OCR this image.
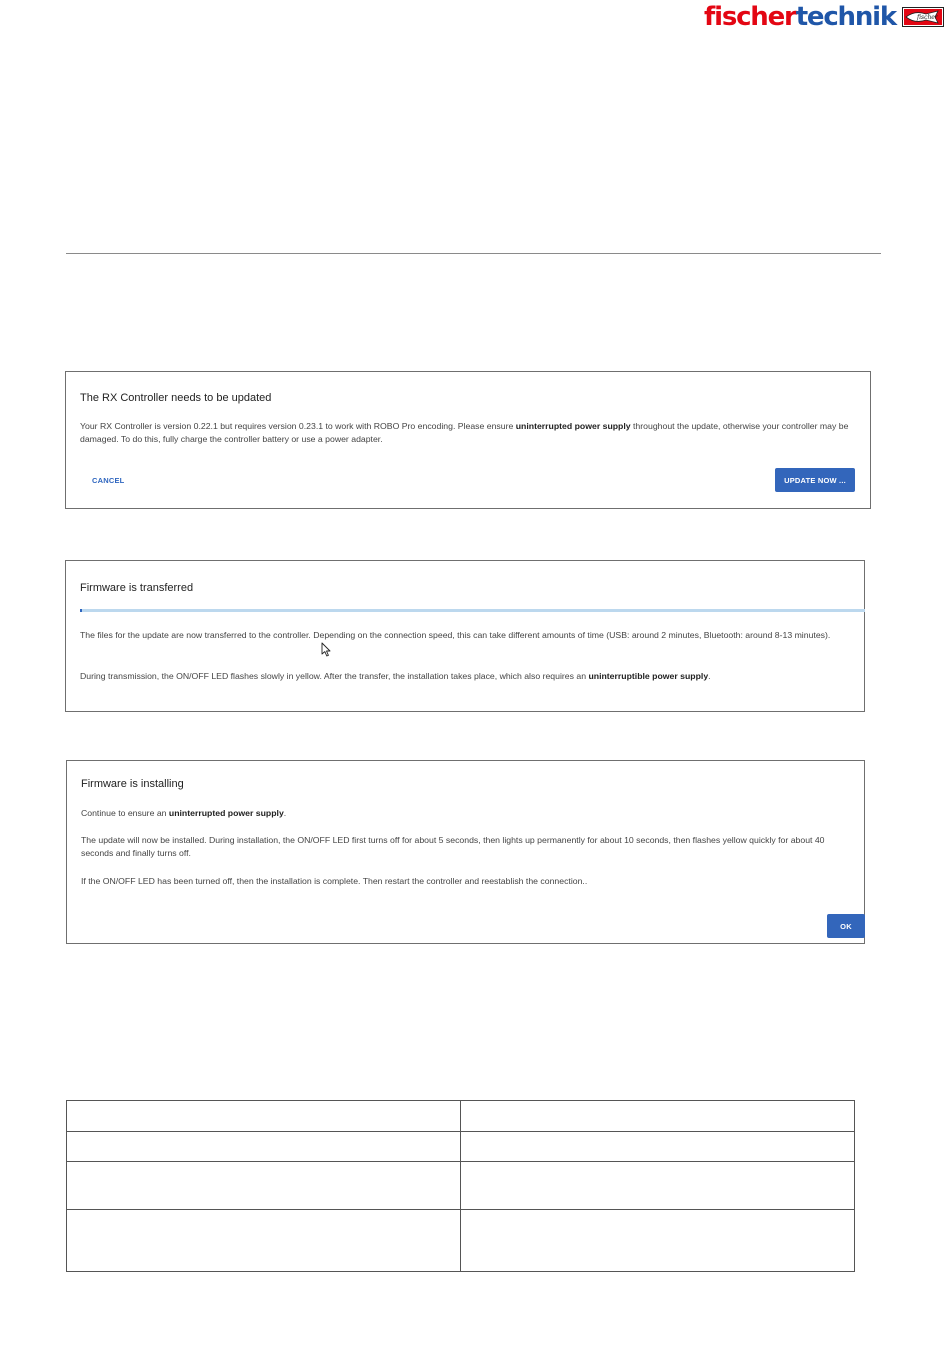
fischer technik	fischer
The RX Controller needs to be updated
Your RX Controller is version 0.22.1 but requires version 0.23.1 to work with ROBO Pro encoding. Please ensure uninterrupted power supply throughout the update, otherwise your controller may be damaged. To do this, fully charge the controller battery or use a power adapter.
CANCEL	UPDATE NOW ...
Firmware is transferred
The files for the update are now transferred to the controller. Depending on the connection speed, this can take different amounts of time (USB: around 2 minutes, Bluetooth: around 8-13 minutes).
During transmission, the ON/OFF LED flashes slowly in yellow. After the transfer, the installation takes place, which also requires an uninterruptible power supply.
Firmware is installing
Continue to ensure an uninterrupted power supply.
The update will now be installed. During installation, the ON/OFF LED first turns off for about 5 seconds, then lights up permanently for about 10 seconds, then flashes yellow quickly for about 40 seconds and finally turns off.
If the ON/OFF LED has been turned off, then the installation is complete. Then restart the controller and reestablish the connection..
OK
